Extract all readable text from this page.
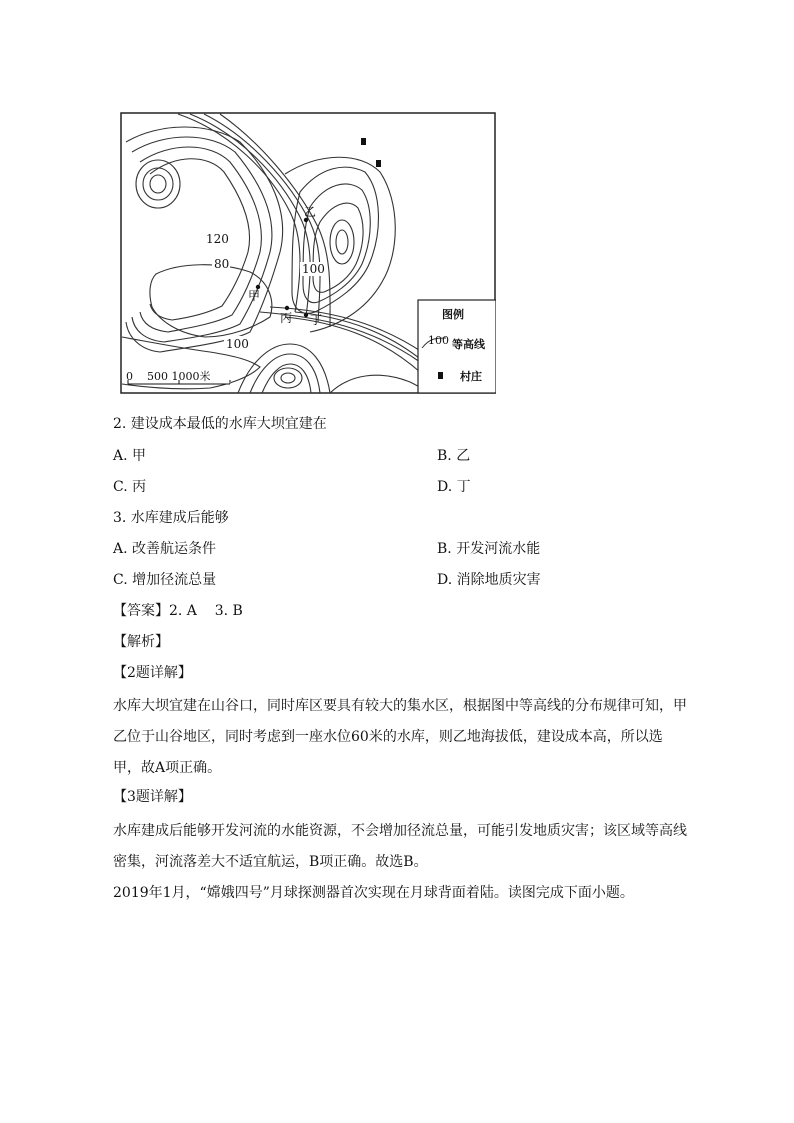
120
80	100
100
乙
甲
丙 丁
0    500 1000米
图例
100 等高线
村庄
2. 建设成本最低的水库大坝宜建在
A. 甲	B. 乙
C. 丙	D. 丁
3. 水库建成后能够
A. 改善航运条件	B. 开发河流水能
C. 增加径流总量	D. 消除地质灾害
【答案】2. A    3. B
【解析】
【2题详解】
水库大坝宜建在山谷口，同时库区要具有较大的集水区，根据图中等高线的分布规律可知，甲乙位于山谷地区，同时考虑到一座水位60米的水库，则乙地海拔低，建设成本高，所以选甲，故A项正确。
【3题详解】
水库建成后能够开发河流的水能资源，不会增加径流总量，可能引发地质灾害；该区域等高线密集，河流落差大不适宜航运，B项正确。故选B。
2019年1月，“嫦娥四号”月球探测器首次实现在月球背面着陆。读图完成下面小题。
